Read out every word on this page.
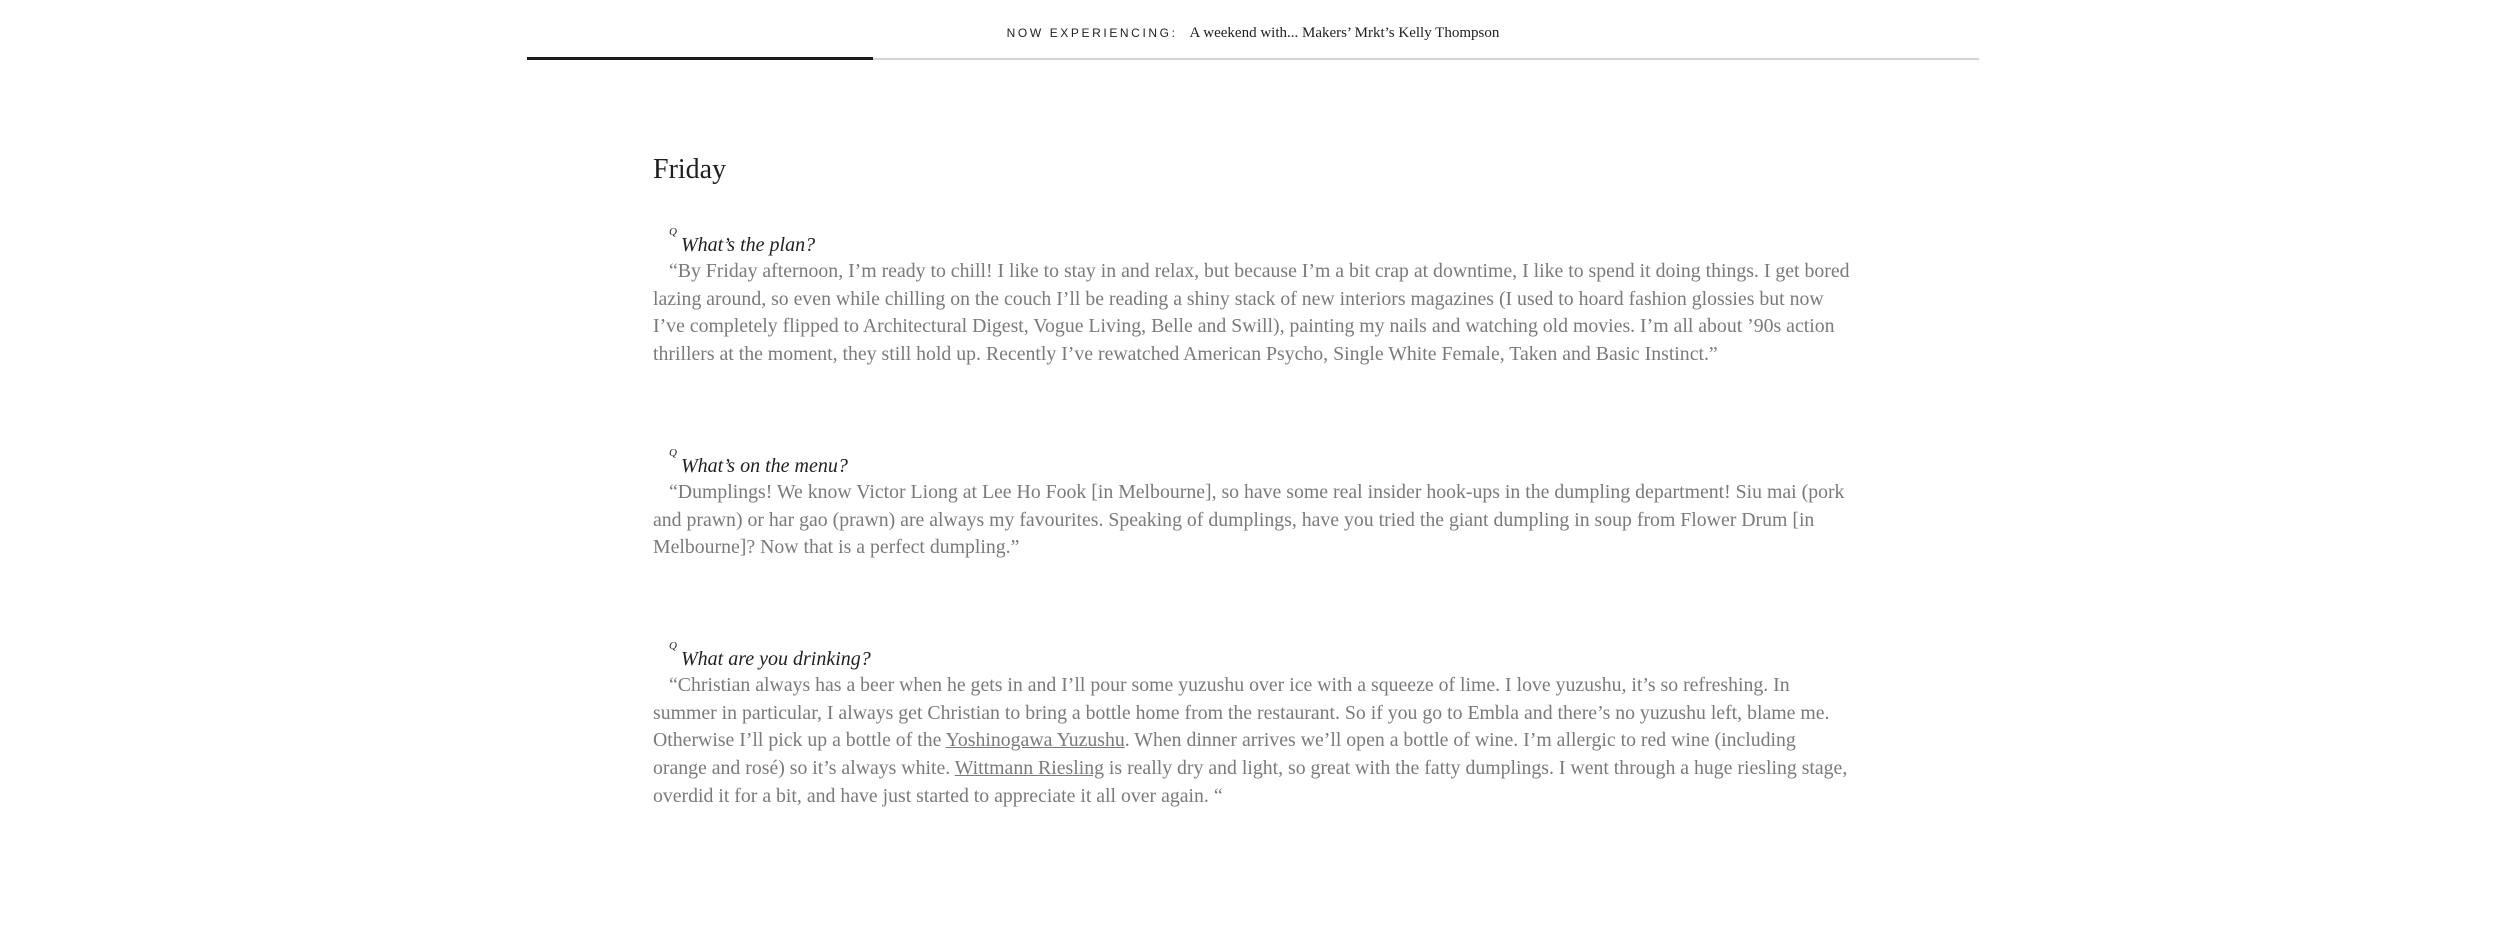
NOW EXPERIENCING: A weekend with... Makers’ Mrkt’s Kelly Thompson
Friday
Q

What’s the plan?

“By Friday afternoon, I’m ready to chill! I like to stay in and relax, but because I’m a bit crap at downtime, I like to spend it doing things. I get bored lazing around, so even while chilling on the couch I’ll be reading a shiny stack of new interiors magazines (I used to hoard fashion glossies but now I’ve completely flipped to Architectural Digest, Vogue Living, Belle and Swill), painting my nails and watching old movies. I’m all about ’90s action thrillers at the moment, they still hold up. Recently I’ve rewatched American Psycho, Single White Female, Taken and Basic Instinct.”

Q

What’s on the menu?

“Dumplings! We know Victor Liong at Lee Ho Fook [in Melbourne], so have some real insider hook-ups in the dumpling department! Siu mai (pork and prawn) or har gao (prawn) are always my favourites. Speaking of dumplings, have you tried the giant dumpling in soup from Flower Drum [in Melbourne]? Now that is a perfect dumpling.”

Q

What are you drinking?

“Christian always has a beer when he gets in and I’ll pour some yuzushu over ice with a squeeze of lime. I love yuzushu, it’s so refreshing. In summer in particular, I always get Christian to bring a bottle home from the restaurant. So if you go to Embla and there’s no yuzushu left, blame me. Otherwise I’ll pick up a bottle of the Yoshinogawa Yuzushu. When dinner arrives we’ll open a bottle of wine. I’m allergic to red wine (including orange and rosé) so it’s always white. Wittmann Riesling is really dry and light, so great with the fatty dumplings. I went through a huge riesling stage, overdid it for a bit, and have just started to appreciate it all over again. “
